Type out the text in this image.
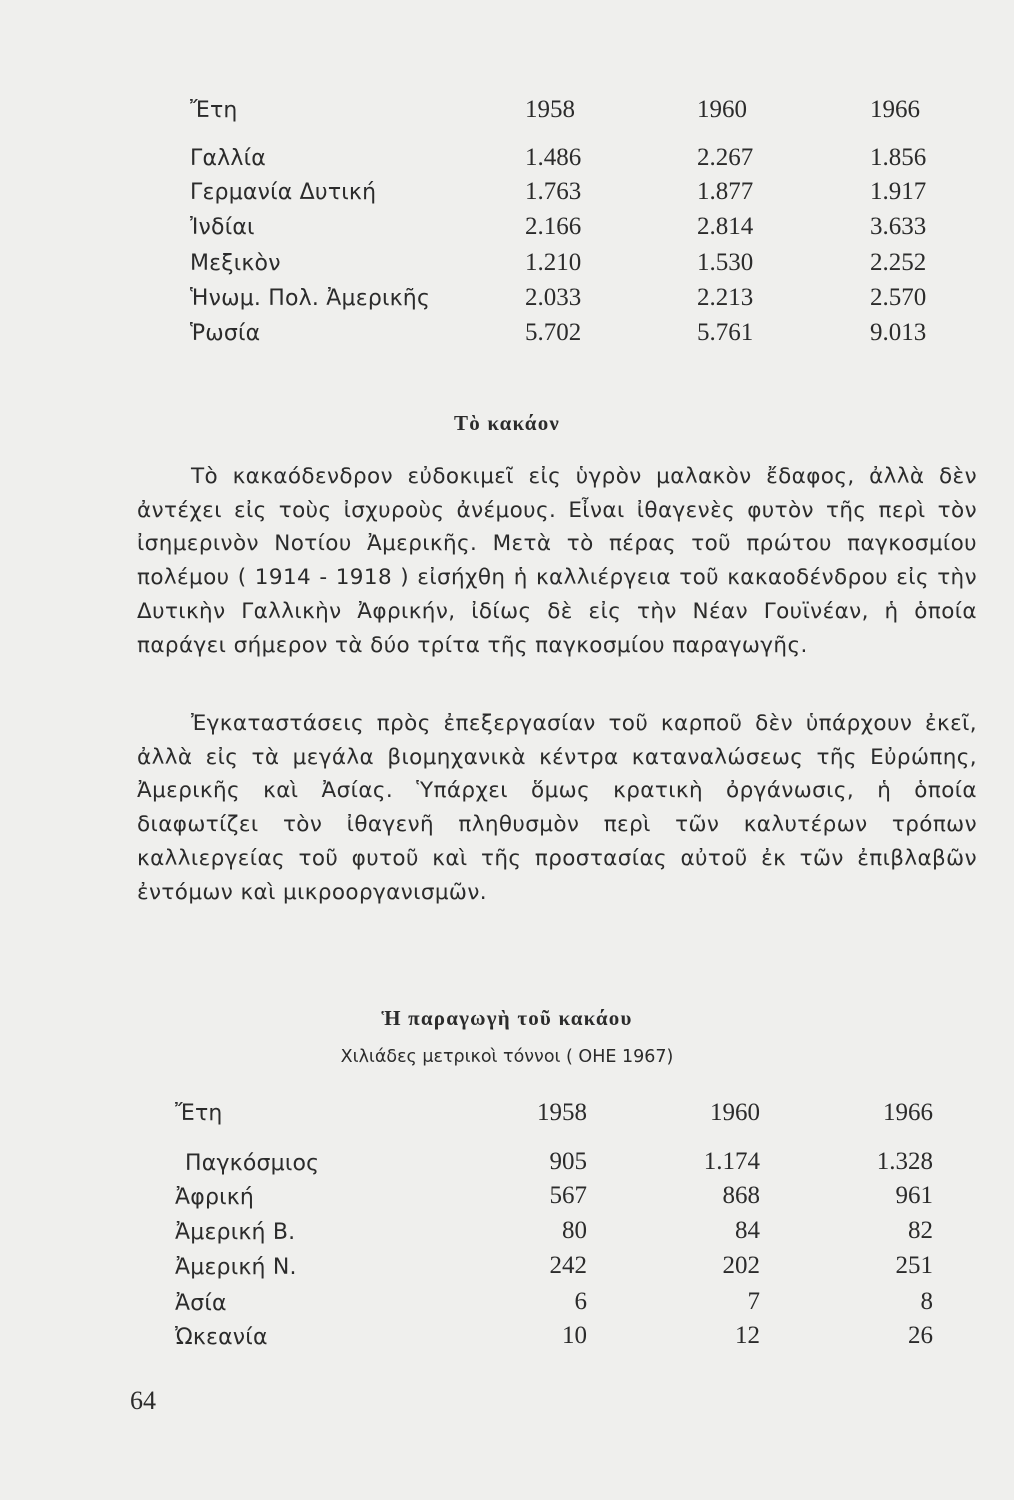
Ἔτη	1958	1960	1966
Γαλλία	1.486	2.267	1.856
Γερμανία Δυτική	1.763	1.877	1.917
Ἰνδίαι	2.166	2.814	3.633
Μεξικὸν	1.210	1.530	2.252
Ἡνωμ. Πολ. Ἀμερικῆς	2.033	2.213	2.570
Ῥωσία	5.702	5.761	9.013
Τὸ κακάον

Τὸ κακαόδενδρον εὐδοκιμεῖ εἰς ὑγρὸν μαλακὸν ἔδαφος, ἀλλὰ δὲν ἀντέχει εἰς τοὺς ἰσχυροὺς ἀνέμους. Εἶναι ἰθαγενὲς φυτὸν τῆς περὶ τὸν ἰσημερινὸν Νοτίου Ἀμερικῆς. Μετὰ τὸ πέρας τοῦ πρώτου παγκοσμίου πολέμου ( 1914 - 1918 ) εἰσήχθη ἡ καλλιέργεια τοῦ κακαοδένδρου εἰς τὴν Δυτικὴν Γαλλικὴν Ἀφρικήν, ἰδίως δὲ εἰς τὴν Νέαν Γουϊνέαν, ἡ ὁποία παράγει σήμερον τὰ δύο τρίτα τῆς παγκοσμίου παραγωγῆς.

Ἐγκαταστάσεις πρὸς ἐπεξεργασίαν τοῦ καρποῦ δὲν ὑπάρχουν ἐκεῖ, ἀλλὰ εἰς τὰ μεγάλα βιομηχανικὰ κέντρα καταναλώσεως τῆς Εὐρώπης, Ἀμερικῆς καὶ Ἀσίας. Ὑπάρχει ὅμως κρατικὴ ὀργάνωσις, ἡ ὁποία διαφωτίζει τὸν ἰθαγενῆ πληθυσμὸν περὶ τῶν καλυτέρων τρόπων καλλιεργείας τοῦ φυτοῦ καὶ τῆς προστασίας αὐτοῦ ἐκ τῶν ἐπιβλαβῶν ἐντόμων καὶ μικροοργανισμῶν.

Ἡ παραγωγὴ τοῦ κακάου
Χιλιάδες μετρικοὶ τόννοι ( ΟΗΕ 1967)
Ἔτη	1958	1960	1966
Παγκόσμιος	905	1.174	1.328
Ἀφρική	567	868	961
Ἀμερική Β.	80	84	82
Ἀμερική Ν.	242	202	251
Ἀσία	6	7	8
Ὠκεανία	10	12	26
64
